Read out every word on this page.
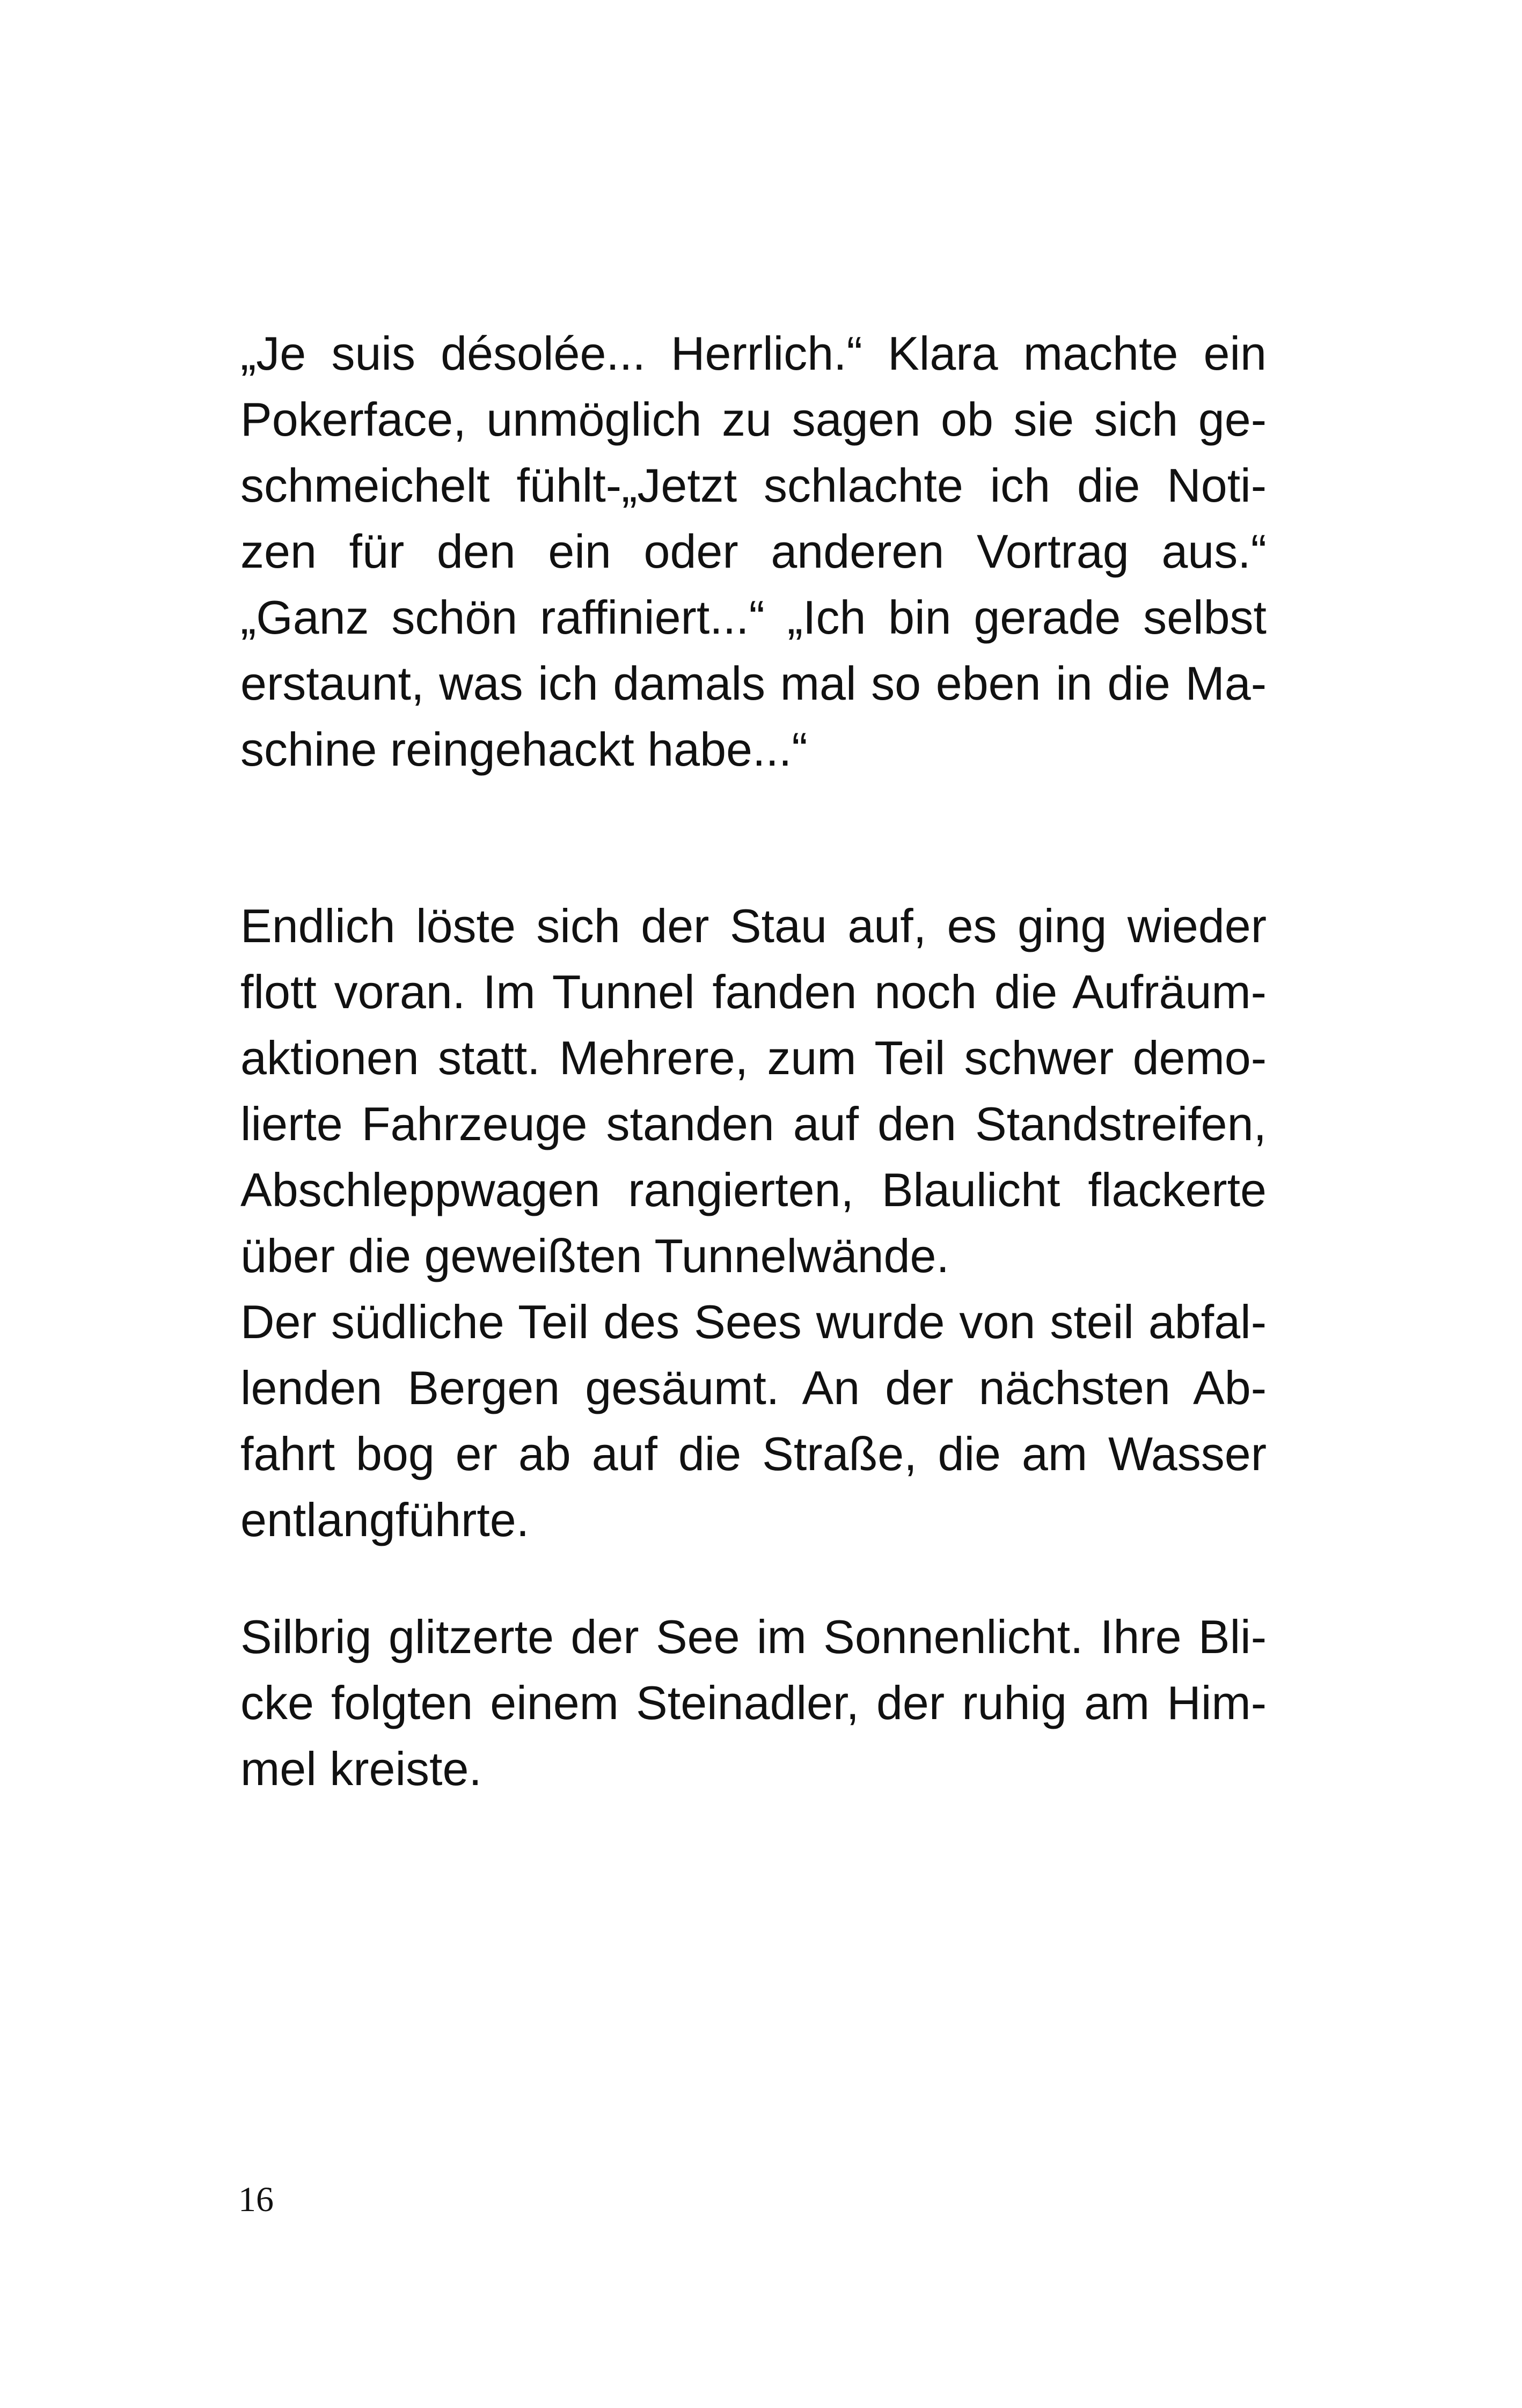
„Je suis désolée... Herrlich.“ Klara machte ein
Pokerface, unmöglich zu sagen ob sie sich ge-
schmeichelt fühlt-„Jetzt schlachte ich die Noti-
zen für den ein oder anderen Vortrag aus.“
„Ganz schön raffiniert...“ „Ich bin gerade selbst
erstaunt, was ich damals mal so eben in die Ma-
schine reingehackt habe...“
Endlich löste sich der Stau auf, es ging wieder
flott voran. Im Tunnel fanden noch die Aufräum-
aktionen statt. Mehrere, zum Teil schwer demo-
lierte Fahrzeuge standen auf den Standstreifen,
Abschleppwagen rangierten, Blaulicht flackerte
über die geweißten Tunnelwände.
Der südliche Teil des Sees wurde von steil abfal-
lenden Bergen gesäumt. An der nächsten Ab-
fahrt bog er ab auf die Straße, die am Wasser
entlangführte.
Silbrig glitzerte der See im Sonnenlicht. Ihre Bli-
cke folgten einem Steinadler, der ruhig am Him-
mel kreiste.
16
